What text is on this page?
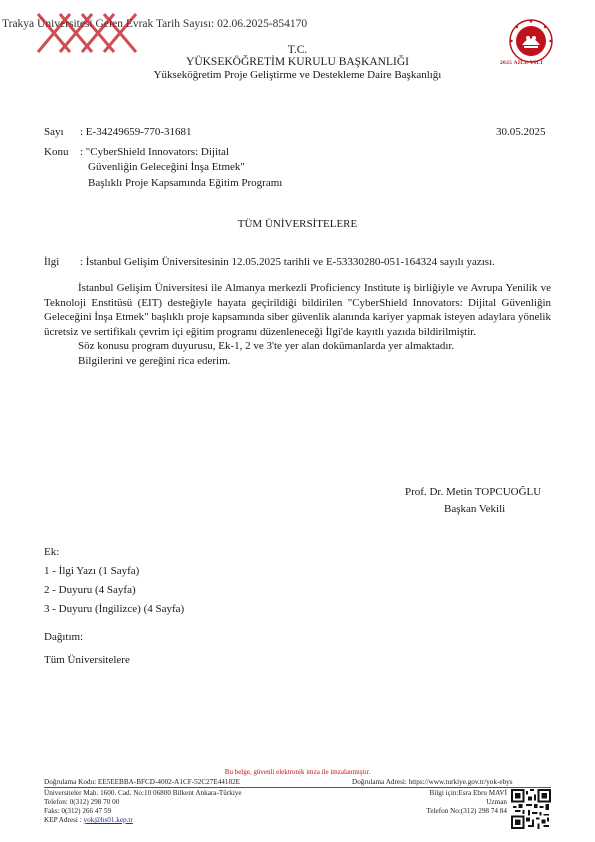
Trakya Üniversitesi Gelen Evrak Tarih Sayısı: 02.06.2025-854170
T.C.
YÜKSEKÖĞRETİM KURULU BAŞKANLIĞI
Yükseköğretim Proje Geliştirme ve Destekleme Daire Başkanlığı
2025 AİLE YILI
Sayı : E-34249659-770-31681	30.05.2025
Konu : "CyberShield Innovators: Dijital
Güvenliğin Geleceğini İnşa Etmek"
Başlıklı Proje Kapsamında Eğitim Programı
TÜM ÜNİVERSİTELERE
İlgi : İstanbul Gelişim Üniversitesinin 12.05.2025 tarihli ve E-53330280-051-164324 sayılı yazısı.

İstanbul Gelişim Üniversitesi ile Almanya merkezli Proficiency Institute iş birliğiyle ve Avrupa Yenilik ve Teknoloji Enstitüsü (EIT) desteğiyle hayata geçirildiği bildirilen "CyberShield Innovators: Dijital Güvenliğin Geleceğini İnşa Etmek" başlıklı proje kapsamında siber güvenlik alanında kariyer yapmak isteyen adaylara yönelik ücretsiz ve sertifikalı çevrim içi eğitim programı düzenleneceği İlgi'de kayıtlı yazıda bildirilmiştir.

Söz konusu program duyurusu, Ek-1, 2 ve 3'te yer alan dokümanlarda yer almaktadır.

Bilgilerini ve gereğini rica ederim.

Prof. Dr. Metin TOPCUOĞLU
Başkan Vekili
Ek:
1 - İlgi Yazı (1 Sayfa)
2 - Duyuru (4 Sayfa)
3 - Duyuru (İngilizce) (4 Sayfa)
Dağıtım:
Tüm Üniversitelere
Bu belge, güvenli elektronik imza ile imzalanmıştır.
Doğrulama Kodu: EE5EEBBA-BFCD-4002-A1CF-52C27E44182E	Doğrulama Adresi: https://www.turkiye.gov.tr/yok-ebys
Üniversiteler Mah. 1600. Cad. No:10 06800 Bilkent Ankara-Türkiye
Telefon: 0(312) 298 70 00
Faks: 0(312) 266 47 59
KEP Adresi : yok@hs01.kep.tr
Bilgi için:Esra Ebru MAVİ
Uzman
Telefon No:(312) 298 74 84
